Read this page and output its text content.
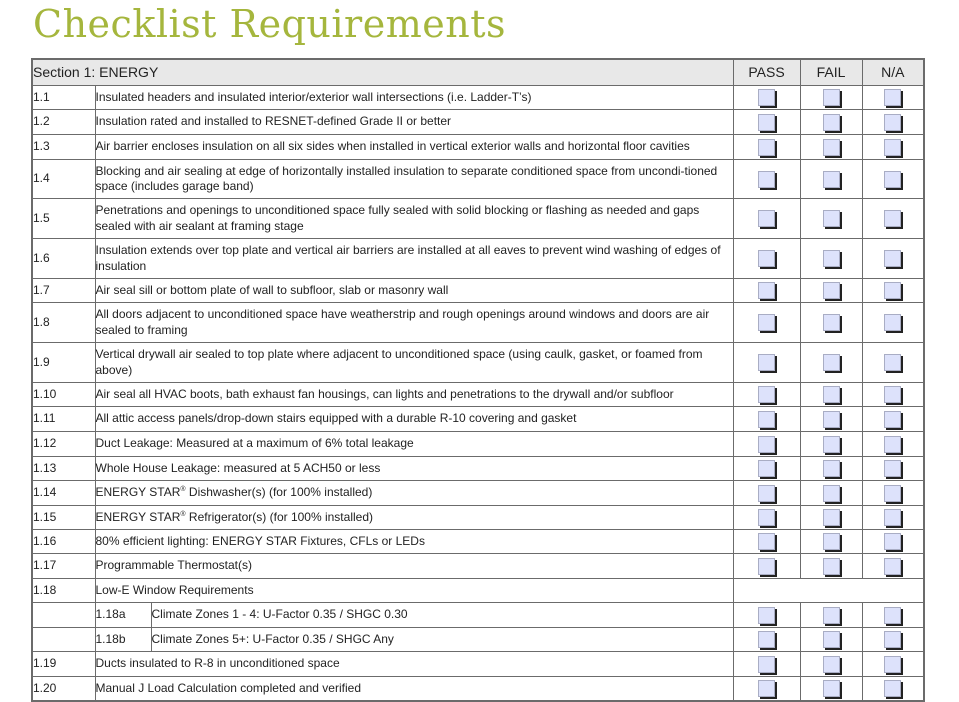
Checklist Requirements
Section 1: ENERGY			PASS	FAIL	N/A
1.1	Insulated headers and insulated interior/exterior wall intersections (i.e. Ladder-T’s)				
1.2	Insulation rated and installed to RESNET-defined Grade II or better				
1.3	Air barrier encloses insulation on all six sides when installed in vertical exterior walls and horizontal floor cavities				
1.4	Blocking and air sealing at edge of horizontally installed insulation to separate conditioned space from uncondi-tioned space (includes garage band)				
1.5	Penetrations and openings to unconditioned space fully sealed with solid blocking or flashing as needed and gaps sealed with air sealant at framing stage				
1.6	Insulation extends over top plate and vertical air barriers are installed at all eaves to prevent wind washing of edges of insulation				
1.7	Air seal sill or bottom plate of wall to subfloor, slab or masonry wall				
1.8	All doors adjacent to unconditioned space have weatherstrip and rough openings around windows and doors are air sealed to framing				
1.9	Vertical drywall air sealed to top plate where adjacent to unconditioned space (using caulk, gasket, or foamed from above)				
1.10	Air seal all HVAC boots, bath exhaust fan housings, can lights and penetrations to the drywall and/or subfloor				
1.11	All attic access panels/drop-down stairs equipped with a durable R-10 covering and gasket				
1.12	Duct Leakage: Measured at a maximum of 6% total leakage				
1.13	Whole House Leakage: measured at 5 ACH50 or less				
1.14	ENERGY STAR® Dishwasher(s) (for 100% installed)				
1.15	ENERGY STAR® Refrigerator(s) (for 100% installed)				
1.16	80% efficient lighting: ENERGY STAR Fixtures, CFLs or LEDs				
1.17	Programmable Thermostat(s)				
1.18	Low-E Window Requirements				
	1.18a	Climate Zones 1 - 4: U-Factor 0.35 / SHGC 0.30			
	1.18b	Climate Zones 5+: U-Factor 0.35 / SHGC Any			
1.19	Ducts insulated to R-8 in unconditioned space				
1.20	Manual J Load Calculation completed and verified				
